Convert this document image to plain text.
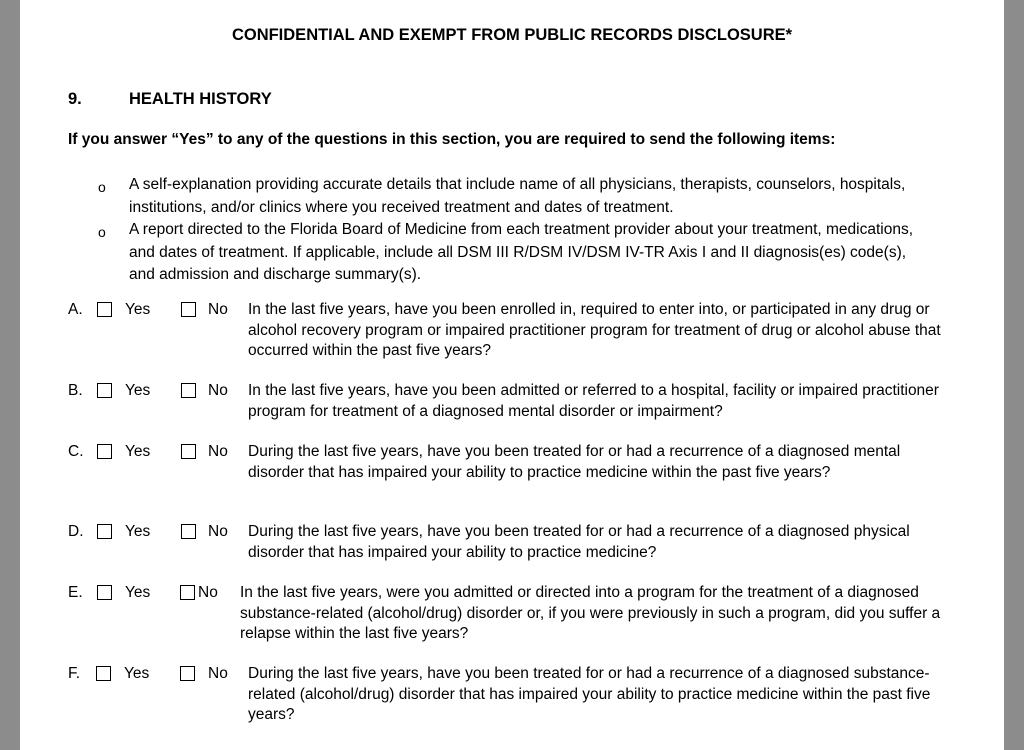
CONFIDENTIAL AND EXEMPT FROM PUBLIC RECORDS DISCLOSURE*
9.	HEALTH HISTORY
If you answer “Yes” to any of the questions in this section, you are required to send the following items:
o A self-explanation providing accurate details that include name of all physicians, therapists, counselors, hospitals, institutions, and/or clinics where you received treatment and dates of treatment.
o A report directed to the Florida Board of Medicine from each treatment provider about your treatment, medications, and dates of treatment. If applicable, include all DSM III R/DSM IV/DSM IV-TR Axis I and II diagnosis(es) code(s), and admission and discharge summary(s).
A.	Yes	No In the last five years, have you been enrolled in, required to enter into, or participated in any drug or alcohol recovery program or impaired practitioner program for treatment of drug or alcohol abuse that occurred within the past five years?
B.	Yes	No In the last five years, have you been admitted or referred to a hospital, facility or impaired practitioner program for treatment of a diagnosed mental disorder or impairment?
C.	Yes	No During the last five years, have you been treated for or had a recurrence of a diagnosed mental disorder that has impaired your ability to practice medicine within the past five years?
D.	Yes	No During the last five years, have you been treated for or had a recurrence of a diagnosed physical disorder that has impaired your ability to practice medicine?
E.	Yes	No In the last five years, were you admitted or directed into a program for the treatment of a diagnosed substance-related (alcohol/drug) disorder or, if you were previously in such a program, did you suffer a relapse within the last five years?
F.	Yes	No During the last five years, have you been treated for or had a recurrence of a diagnosed substance-related (alcohol/drug) disorder that has impaired your ability to practice medicine within the past five years?
